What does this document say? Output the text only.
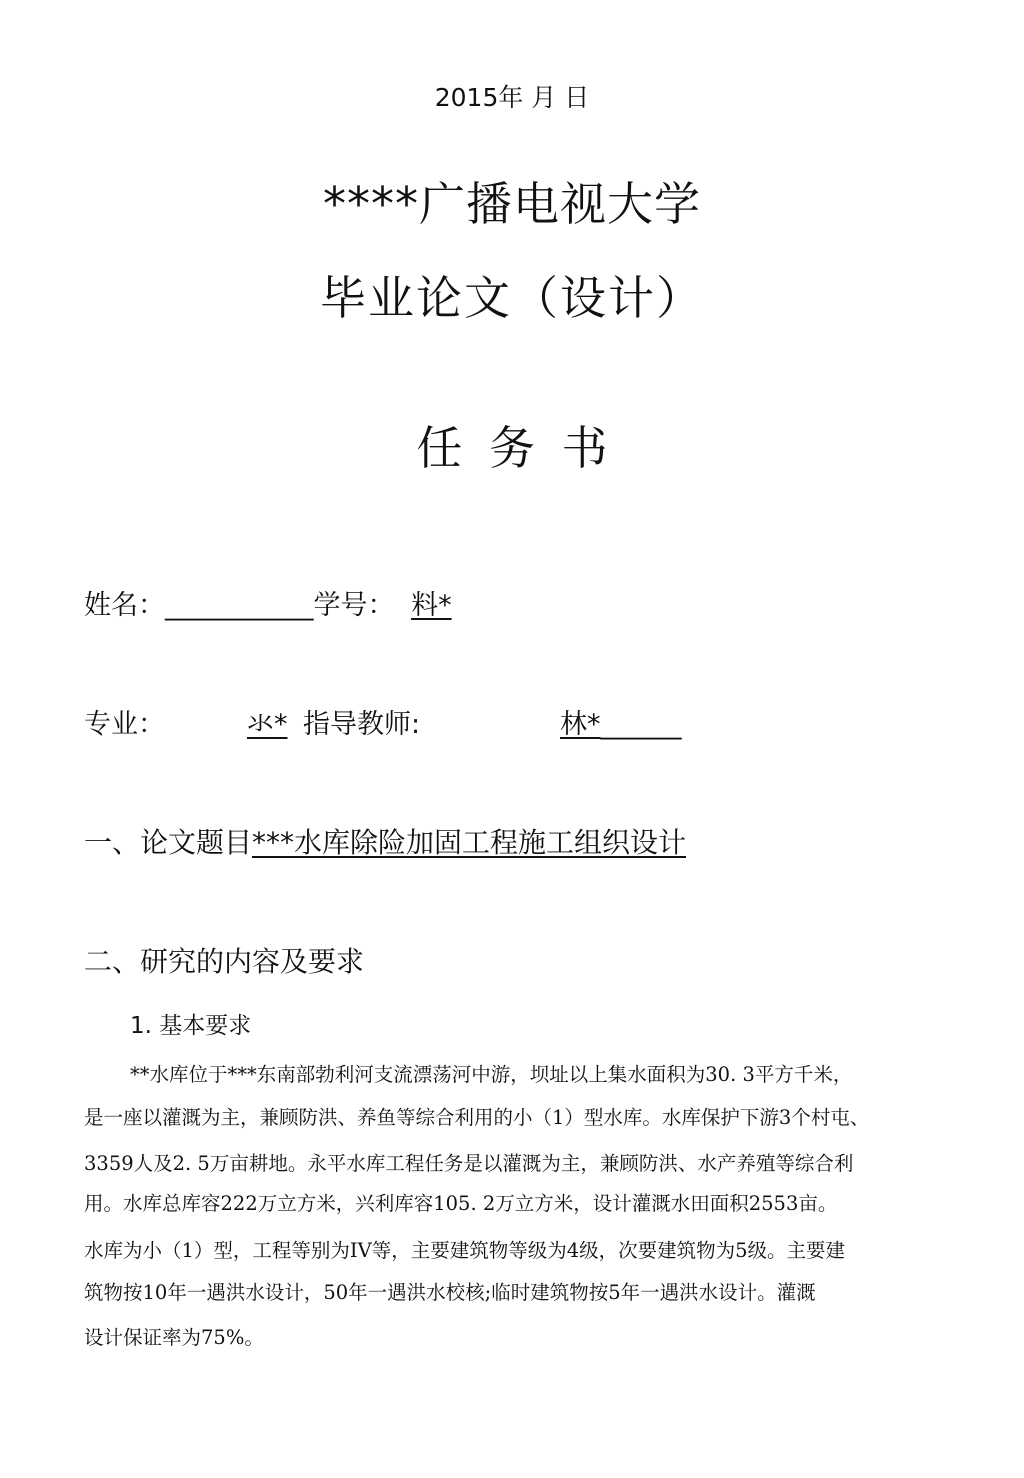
2015年 月 日
****广播电视大学
毕业论文（设计）
任 务 书
姓名：___________学号： 料*
专业：	氺* 指导教师:	林*______
一、论文题目***水库除险加固工程施工组织设计
二、研究的内容及要求
1. 基本要求
**水库位于***东南部勃利河支流漂荡河中游，坝址以上集水面积为30. 3平方千米，
是一座以灌溉为主，兼顾防洪、养鱼等综合利用的小（1）型水库。水库保护下游3个村屯、
3359人及2. 5万亩耕地。永平水库工程任务是以灌溉为主，兼顾防洪、水产养殖等综合利
用。水库总库容222万立方米，兴利库容105. 2万立方米，设计灌溉水田面积2553亩。
水库为小（1）型，工程等别为IV等，主要建筑物等级为4级，次要建筑物为5级。主要建
筑物按10年一遇洪水设计，50年一遇洪水校核;临时建筑物按5年一遇洪水设计。灌溉
设计保证率为75%。
